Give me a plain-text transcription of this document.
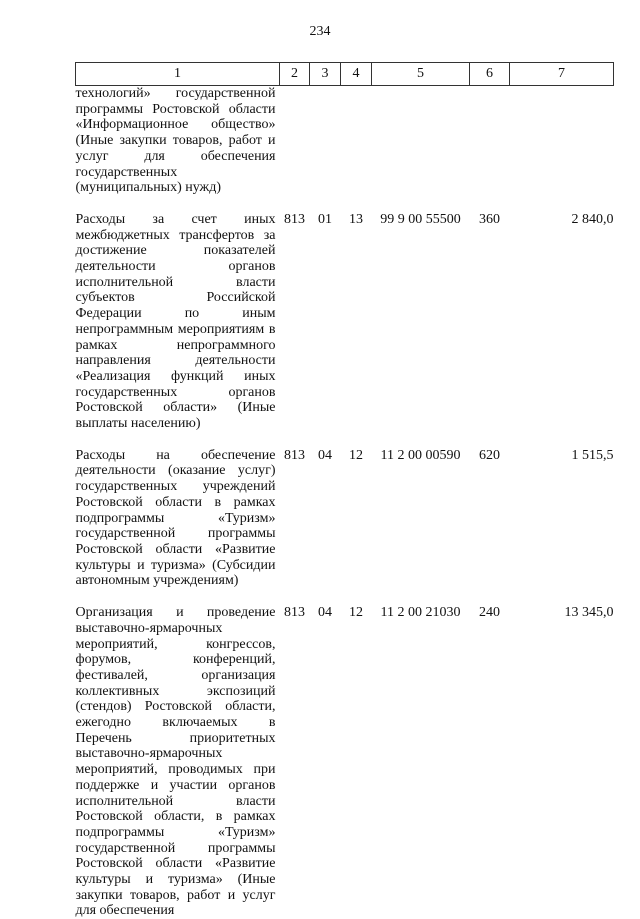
234
1	2	3	4	5	6	7
технологий» государственной программы Ростовской области «Информационное общество» (Иные закупки товаров, работ и услуг для обеспечения государственных (муниципальных) нужд)						
Расходы за счет иных межбюджетных трансфертов за достижение показателей деятельности органов исполнительной власти субъектов Российской Федерации по иным непрограммным мероприятиям в рамках непрограммного направления деятельности «Реализация функций иных государственных органов Ростовской области» (Иные выплаты населению)	813	01	13	99 9 00 55500	360	2 840,0
Расходы на обеспечение деятельности (оказание услуг) государственных учреждений Ростовской области в рамках подпрограммы «Туризм» государственной программы Ростовской области «Развитие культуры и туризма» (Субсидии автономным учреждениям)	813	04	12	11 2 00 00590	620	1 515,5
Организация и проведение выставочно-ярмарочных мероприятий, конгрессов, форумов, конференций, фестивалей, организация коллективных экспозиций (стендов) Ростовской области, ежегодно включаемых в Перечень приоритетных выставочно-ярмарочных мероприятий, проводимых при поддержке и участии органов исполнительной власти Ростовской области, в рамках подпрограммы «Туризм» государственной программы Ростовской области «Развитие культуры и туризма» (Иные закупки товаров, работ и услуг для обеспечения	813	04	12	11 2 00 21030	240	13 345,0
